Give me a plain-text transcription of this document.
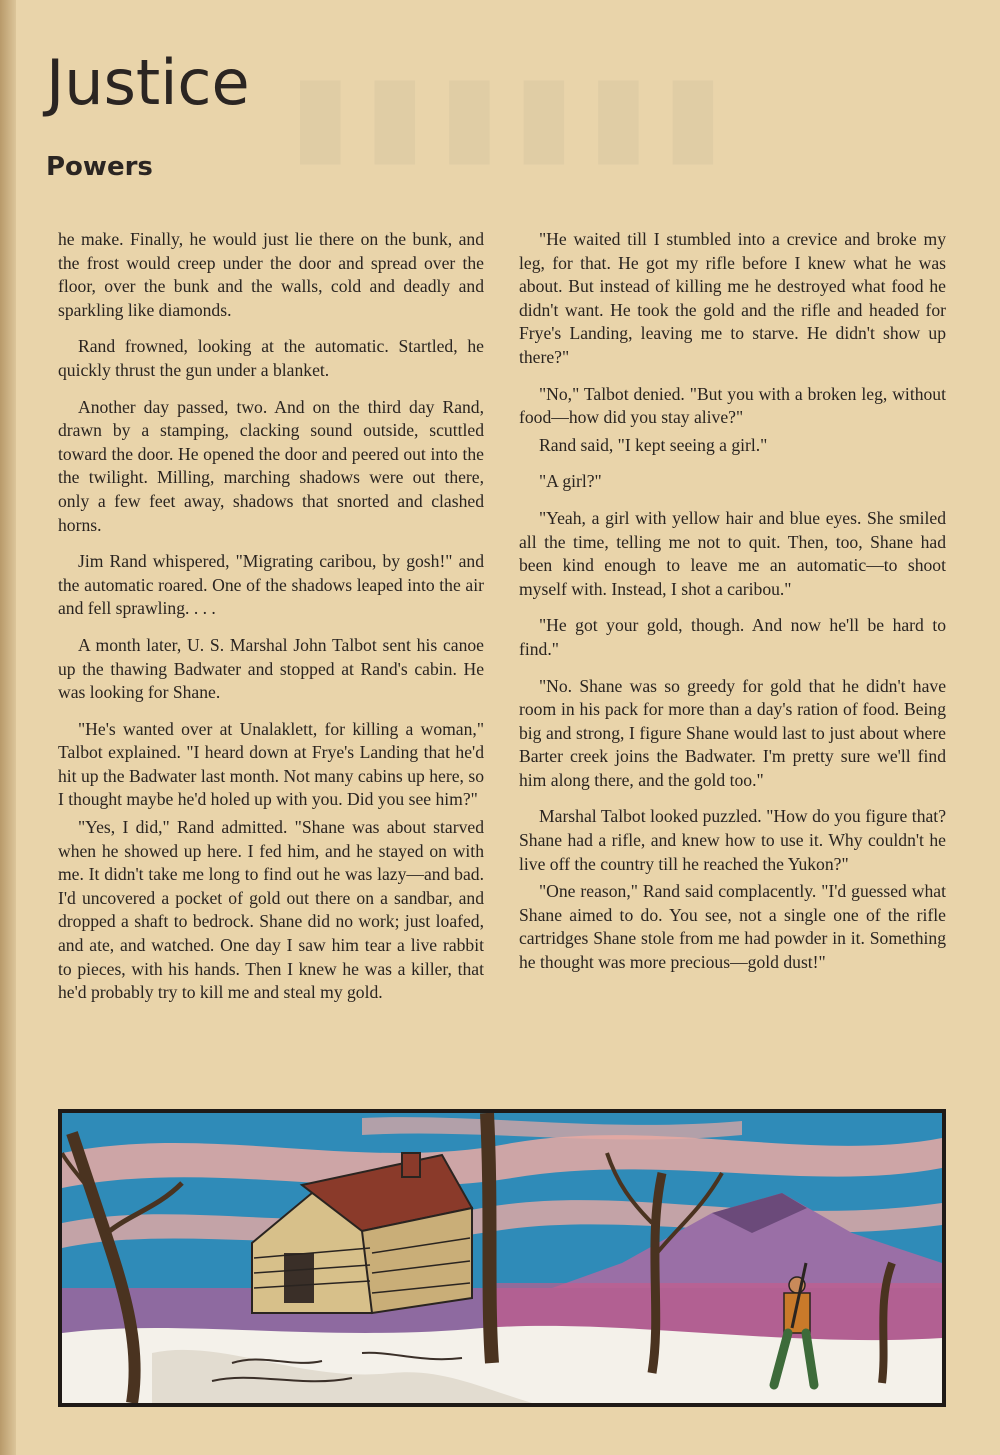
▮▮▮▮▮▮
Justice
Powers

he make. Finally, he would just lie there on the bunk, and the frost would creep under the door and spread over the floor, over the bunk and the walls, cold and deadly and sparkling like diamonds.

Rand frowned, looking at the automatic. Startled, he quickly thrust the gun under a blanket.

Another day passed, two. And on the third day Rand, drawn by a stamping, clacking sound outside, scuttled toward the door. He opened the door and peered out into the the twilight. Milling, marching shadows were out there, only a few feet away, shadows that snorted and clashed horns.

Jim Rand whispered, "Migrating caribou, by gosh!" and the automatic roared. One of the shadows leaped into the air and fell sprawling. . . .

A month later, U. S. Marshal John Talbot sent his canoe up the thawing Badwater and stopped at Rand's cabin. He was looking for Shane.

"He's wanted over at Unalaklett, for killing a woman," Talbot explained. "I heard down at Frye's Landing that he'd hit up the Badwater last month. Not many cabins up here, so I thought maybe he'd holed up with you. Did you see him?"

"Yes, I did," Rand admitted. "Shane was about starved when he showed up here. I fed him, and he stayed on with me. It didn't take me long to find out he was lazy—and bad. I'd uncovered a pocket of gold out there on a sandbar, and dropped a shaft to bedrock. Shane did no work; just loafed, and ate, and watched. One day I saw him tear a live rabbit to pieces, with his hands. Then I knew he was a killer, that he'd probably try to kill me and steal my gold.

"He waited till I stumbled into a crevice and broke my leg, for that. He got my rifle before I knew what he was about. But instead of killing me he destroyed what food he didn't want. He took the gold and the rifle and headed for Frye's Landing, leaving me to starve. He didn't show up there?"

"No," Talbot denied. "But you with a broken leg, without food—how did you stay alive?"

Rand said, "I kept seeing a girl."

"A girl?"

"Yeah, a girl with yellow hair and blue eyes. She smiled all the time, telling me not to quit. Then, too, Shane had been kind enough to leave me an automatic—to shoot myself with. Instead, I shot a caribou."

"He got your gold, though. And now he'll be hard to find."

"No. Shane was so greedy for gold that he didn't have room in his pack for more than a day's ration of food. Being big and strong, I figure Shane would last to just about where Barter creek joins the Badwater. I'm pretty sure we'll find him along there, and the gold too."

Marshal Talbot looked puzzled. "How do you figure that? Shane had a rifle, and knew how to use it. Why couldn't he live off the country till he reached the Yukon?"

"One reason," Rand said complacently. "I'd guessed what Shane aimed to do. You see, not a single one of the rifle cartridges Shane stole from me had powder in it. Something he thought was more precious—gold dust!"
